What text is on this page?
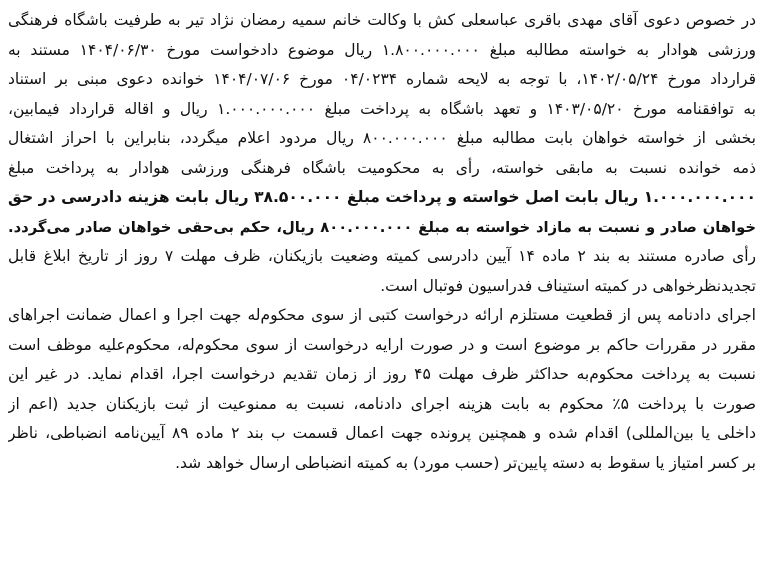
در خصوص دعوی آقای مهدی باقری عباسعلی کش با وکالت خانم سمیه رمضان نژاد تیر به طرفیت باشگاه فرهنگی
ورزشی هوادار به خواسته مطالبه مبلغ ۱.۸۰۰.۰۰۰.۰۰۰ ریال موضوع دادخواست مورخ ۱۴۰۴/۰۶/۳۰ مستند به
قرارداد مورخ ۱۴۰۲/۰۵/۲۴، با توجه به لایحه شماره ۰۴/۰۲۳۴ مورخ ۱۴۰۴/۰۷/۰۶ خوانده دعوی مبنی بر استناد
به توافقنامه مورخ ۱۴۰۳/۰۵/۲۰ و تعهد باشگاه به پرداخت مبلغ ۱.۰۰۰.۰۰۰.۰۰۰ ریال و اقاله قرارداد فیمابین،
بخشی از خواسته خواهان بابت مطالبه مبلغ ۸۰۰.۰۰۰.۰۰۰ ریال مردود اعلام میگردد، بنابراین با احراز اشتغال
ذمه خوانده نسبت به مابقی خواسته، رأی به محکومیت باشگاه فرهنگی ورزشی هوادار به پرداخت مبلغ
۱.۰۰۰.۰۰۰.۰۰۰ ریال بابت اصل خواسته و پرداخت مبلغ ۳۸.۵۰۰.۰۰۰ ریال بابت هزینه دادرسی در حق
خواهان صادر و نسبت به مازاد خواسته به مبلغ ۸۰۰.۰۰۰.۰۰۰ ریال، حکم بی‌حقی خواهان صادر می‌گردد.
رأی صادره مستند به بند ۲ ماده ۱۴ آیین دادرسی کمیته وضعیت بازیکنان، ظرف مهلت ۷ روز از تاریخ ابلاغ قابل
تجدیدنظرخواهی در کمیته استیناف فدراسیون فوتبال است.
اجرای دادنامه پس از قطعیت مستلزم ارائه درخواست کتبی از سوی محکوم‌له جهت اجرا و اعمال ضمانت اجراهای
مقرر در مقررات حاکم بر موضوع است و در صورت ارایه درخواست از سوی محکوم‌له، محکوم‌علیه موظف است
نسبت به پرداخت محکوم‌به حداکثر ظرف مهلت ۴۵ روز از زمان تقدیم درخواست اجرا، اقدام نماید. در غیر این
صورت با پرداخت ۵٪ محکوم به بابت هزینه اجرای دادنامه، نسبت به ممنوعیت از ثبت بازیکنان جدید (اعم از
داخلی یا بین‌المللی) اقدام شده و همچنین پرونده جهت اعمال قسمت ب بند ۲ ماده ۸۹ آیین‌نامه انضباطی، ناظر
بر کسر امتیاز یا سقوط به دسته پایین‌تر (حسب مورد) به کمیته انضباطی ارسال خواهد شد.
